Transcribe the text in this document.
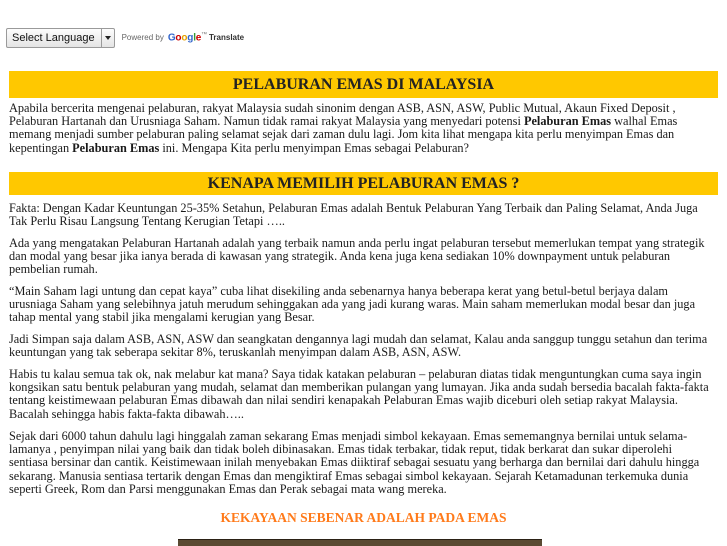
Select Language	Powered by Google™ Translate
PELABURAN EMAS DI MALAYSIA

Apabila bercerita mengenai pelaburan, rakyat Malaysia sudah sinonim dengan ASB, ASN, ASW, Public Mutual, Akaun Fixed Deposit , Pelaburan Hartanah dan Urusniaga Saham. Namun tidak ramai rakyat Malaysia yang menyedari potensi Pelaburan Emas walhal Emas memang menjadi sumber pelaburan paling selamat sejak dari zaman dulu lagi. Jom kita lihat mengapa kita perlu menyimpan Emas dan kepentingan Pelaburan Emas ini. Mengapa Kita perlu menyimpan Emas sebagai Pelaburan?

KENAPA MEMILIH PELABURAN EMAS ?

Fakta: Dengan Kadar Keuntungan 25-35% Setahun, Pelaburan Emas adalah Bentuk Pelaburan Yang Terbaik dan Paling Selamat, Anda Juga Tak Perlu Risau Langsung Tentang Kerugian Tetapi …..

Ada yang mengatakan Pelaburan Hartanah adalah yang terbaik namun anda perlu ingat pelaburan tersebut memerlukan tempat yang strategik dan modal yang besar jika ianya berada di kawasan yang strategik. Anda kena juga kena sediakan 10% downpayment untuk pelaburan pembelian rumah.

“Main Saham lagi untung dan cepat kaya” cuba lihat disekiling anda sebenarnya hanya beberapa kerat yang betul-betul berjaya dalam urusniaga Saham yang selebihnya jatuh merudum sehinggakan ada yang jadi kurang waras. Main saham memerlukan modal besar dan juga tahap mental yang stabil jika mengalami kerugian yang Besar.

Jadi Simpan saja dalam ASB, ASN, ASW dan seangkatan dengannya lagi mudah dan selamat, Kalau anda sanggup tunggu setahun dan terima keuntungan yang tak seberapa sekitar 8%, teruskanlah menyimpan dalam ASB, ASN, ASW.

Habis tu kalau semua tak ok, nak melabur kat mana? Saya tidak katakan pelaburan – pelaburan diatas tidak menguntungkan cuma saya ingin kongsikan satu bentuk pelaburan yang mudah, selamat dan memberikan pulangan yang lumayan. Jika anda sudah bersedia bacalah fakta-fakta tentang keistimewaan pelaburan Emas dibawah dan nilai sendiri kenapakah Pelaburan Emas wajib diceburi oleh setiap rakyat Malaysia. Bacalah sehingga habis fakta-fakta dibawah…..

Sejak dari 6000 tahun dahulu lagi hinggalah zaman sekarang Emas menjadi simbol kekayaan. Emas sememangnya bernilai untuk selama-lamanya , penyimpan nilai yang baik dan tidak boleh dibinasakan. Emas tidak terbakar, tidak reput, tidak berkarat dan sukar diperolehi sentiasa bersinar dan cantik. Keistimewaan inilah menyebakan Emas diiktiraf sebagai sesuatu yang berharga dan bernilai dari dahulu hingga sekarang. Manusia sentiasa tertarik dengan Emas dan mengiktiraf Emas sebagai simbol kekayaan. Sejarah Ketamadunan terkemuka dunia seperti Greek, Rom dan Parsi menggunakan Emas dan Perak sebagai mata wang mereka.

KEKAYAAN SEBENAR ADALAH PADA EMAS
